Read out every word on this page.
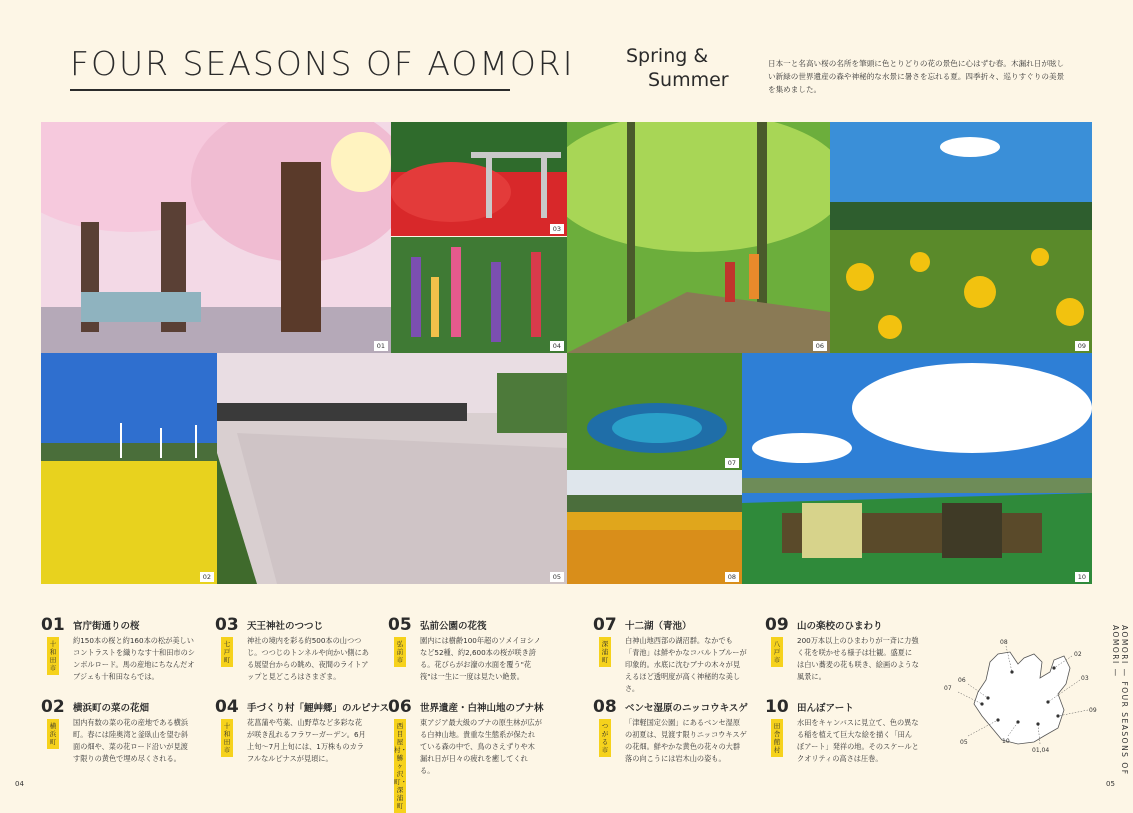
FOUR SEASONS OF AOMORI	Spring &
Summer
日本一と名高い桜の名所を筆頭に色とりどりの花の景色に心はずむ春。木漏れ日が眩しい新緑の世界遺産の森や神秘的な水景に暑さを忘れる夏。四季折々、巡りすぐりの美景を集めました。
01
03
04	06	09
02	05
07
08	10
01 官庁街通りの桜
十和田市
約150本の桜と約160本の松が美しいコントラストを織りなす十和田市のシンボルロード。馬の産地にちなんだオブジェも十和田ならでは。
02 横浜町の菜の花畑
横浜町
国内有数の菜の花の産地である横浜町。春には陸奥湾と釜臥山を望む斜面の畑や、菜の花ロード沿いが見渡す限りの黄色で埋め尽くされる。
03 天王神社のつつじ
七戸町
神社の境内を彩る約500本の山つつじ。つつじのトンネルや向かい側にある展望台からの眺め、夜間のライトアップと見どころはさまざま。
04 手づくり村「鯉艸郷」のルピナス
十和田市
花菖蒲や芍薬、山野草など多彩な花が咲き乱れるフラワーガーデン。6月上旬〜7月上旬には、1万株ものカラフルなルピナスが見頃に。
05 弘前公園の花筏
弘前市
園内には樹齢100年超のソメイヨシノなど52種、約2,600本の桜が咲き誇る。花びらがお濠の水面を覆う"花筏"は一生に一度は見たい絶景。
06 世界遺産・白神山地のブナ林
西目屋村・鰺ヶ沢町・深浦町
東アジア最大級のブナの原生林が広がる白神山地。貴重な生態系が保たれている森の中で、鳥のさえずりや木漏れ日が日々の疲れを癒してくれる。
07 十二湖（青池）
深浦町
白神山地西部の湖沼群。なかでも「青池」は鮮やかなコバルトブルーが印象的。水底に沈むブナの木々が見えるほど透明度が高く神秘的な美しさ。
08 ベンセ湿原のニッコウキスゲ
つがる市
「津軽国定公園」にあるベンセ湿原の初夏は、見渡す限りニッコウキスゲの花畑。鮮やかな黄色の花々の大群落の向こうには岩木山の姿も。
09 山の楽校のひまわり
八戸市
200万本以上のひまわりが一斉に力強く花を咲かせる様子は壮観。盛夏には白い蕎麦の花も咲き、絵画のような風景に。
10 田んぼアート
田舎館村
水田をキャンバスに見立て、色の異なる稲を植えて巨大な絵を描く「田んぼアート」発祥の地。そのスケールとクオリティの高さは圧巻。
08
02
06
07
03
05
09
10
01,04	AOMORI — FOUR SEASONS OF AOMORI —
04	05
